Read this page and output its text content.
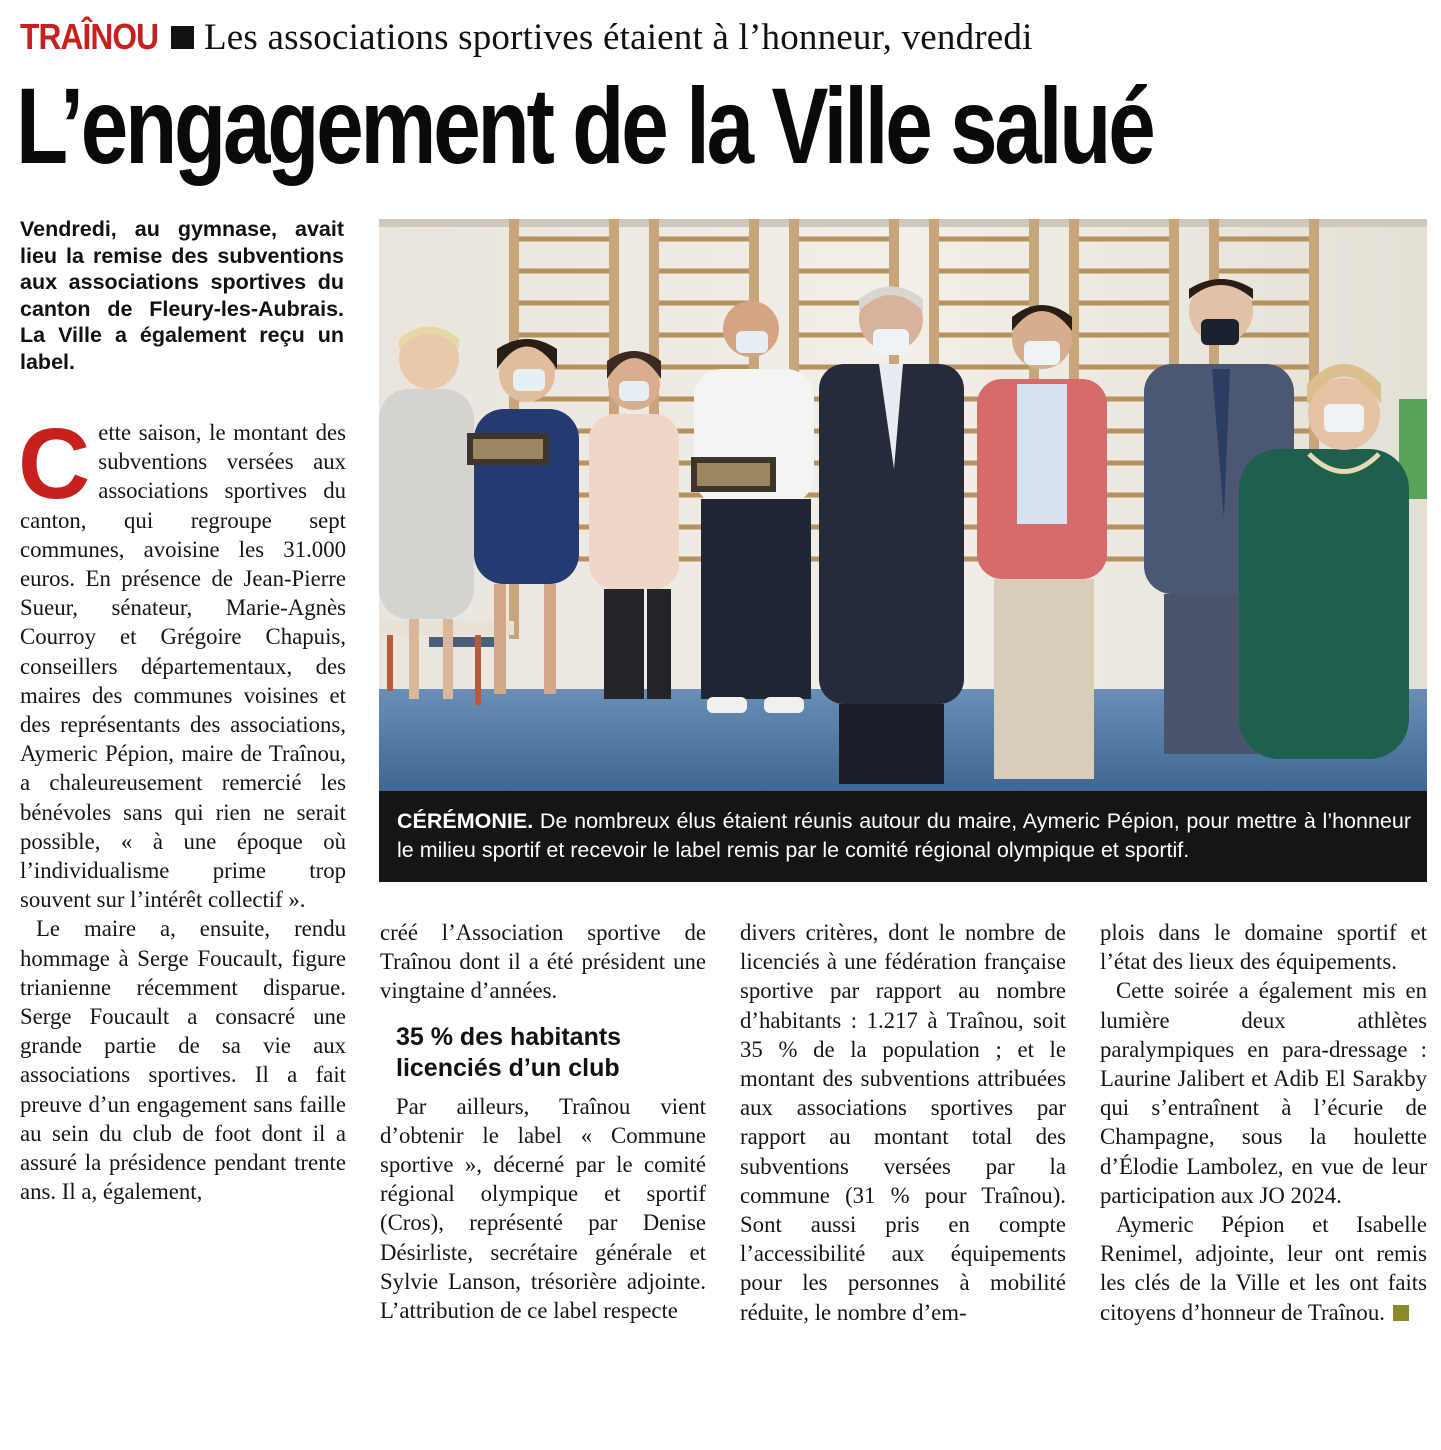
TRAÎNOU Les associations sportives étaient à l’honneur, vendredi
L’engagement de la Ville salué
Vendredi, au gymnase, avait lieu la remise des subventions aux associations sportives du canton de Fleury-les-Aubrais. La Ville a également reçu un label.

Cette saison, le montant des subventions versées aux associations sportives du canton, qui regroupe sept communes, avoisine les 31.000 euros. En présence de Jean-Pierre Sueur, sénateur, Marie-Agnès Courroy et Grégoire Chapuis, conseillers départementaux, des maires des communes voisines et des représentants des associations, Aymeric Pépion, maire de Traînou, a chaleureusement remercié les bénévoles sans qui rien ne serait possible, « à une époque où l’individualisme prime trop souvent sur l’intérêt collectif ».

Le maire a, ensuite, rendu hommage à Serge Foucault, figure trianienne récemment disparue. Serge Foucault a consacré une grande partie de sa vie aux associations sportives. Il a fait preuve d’un engagement sans faille au sein du club de foot dont il a assuré la présidence pendant trente ans. Il a, également,

CÉRÉMONIE. De nombreux élus étaient réunis autour du maire, Aymeric Pépion, pour mettre à l’honneur le milieu sportif et recevoir le label remis par le comité régional olympique et sportif.

créé l’Association sportive de Traînou dont il a été président une vingtaine d’années.

35 % des habitants licenciés d’un club

Par ailleurs, Traînou vient d’obtenir le label « Commune sportive », décerné par le comité régional olympique et sportif (Cros), représenté par Denise Désirliste, secrétaire générale et Sylvie Lanson, trésorière adjointe. L’attribution de ce label respecte

divers critères, dont le nombre de licenciés à une fédération française sportive par rapport au nombre d’habitants : 1.217 à Traînou, soit 35 % de la population ; et le montant des subventions attribuées aux associations sportives par rapport au montant total des subventions versées par la commune (31 % pour Traînou). Sont aussi pris en compte l’accessibilité aux équipements pour les personnes à mobilité réduite, le nombre d’em-

plois dans le domaine sportif et l’état des lieux des équipements.

Cette soirée a également mis en lumière deux athlètes paralympiques en para-dressage : Laurine Jalibert et Adib El Sarakby qui s’entraînent à l’écurie de Champagne, sous la houlette d’Élodie Lambolez, en vue de leur participation aux JO 2024.

Aymeric Pépion et Isabelle Renimel, adjointe, leur ont remis les clés de la Ville et les ont faits citoyens d’honneur de Traînou.
